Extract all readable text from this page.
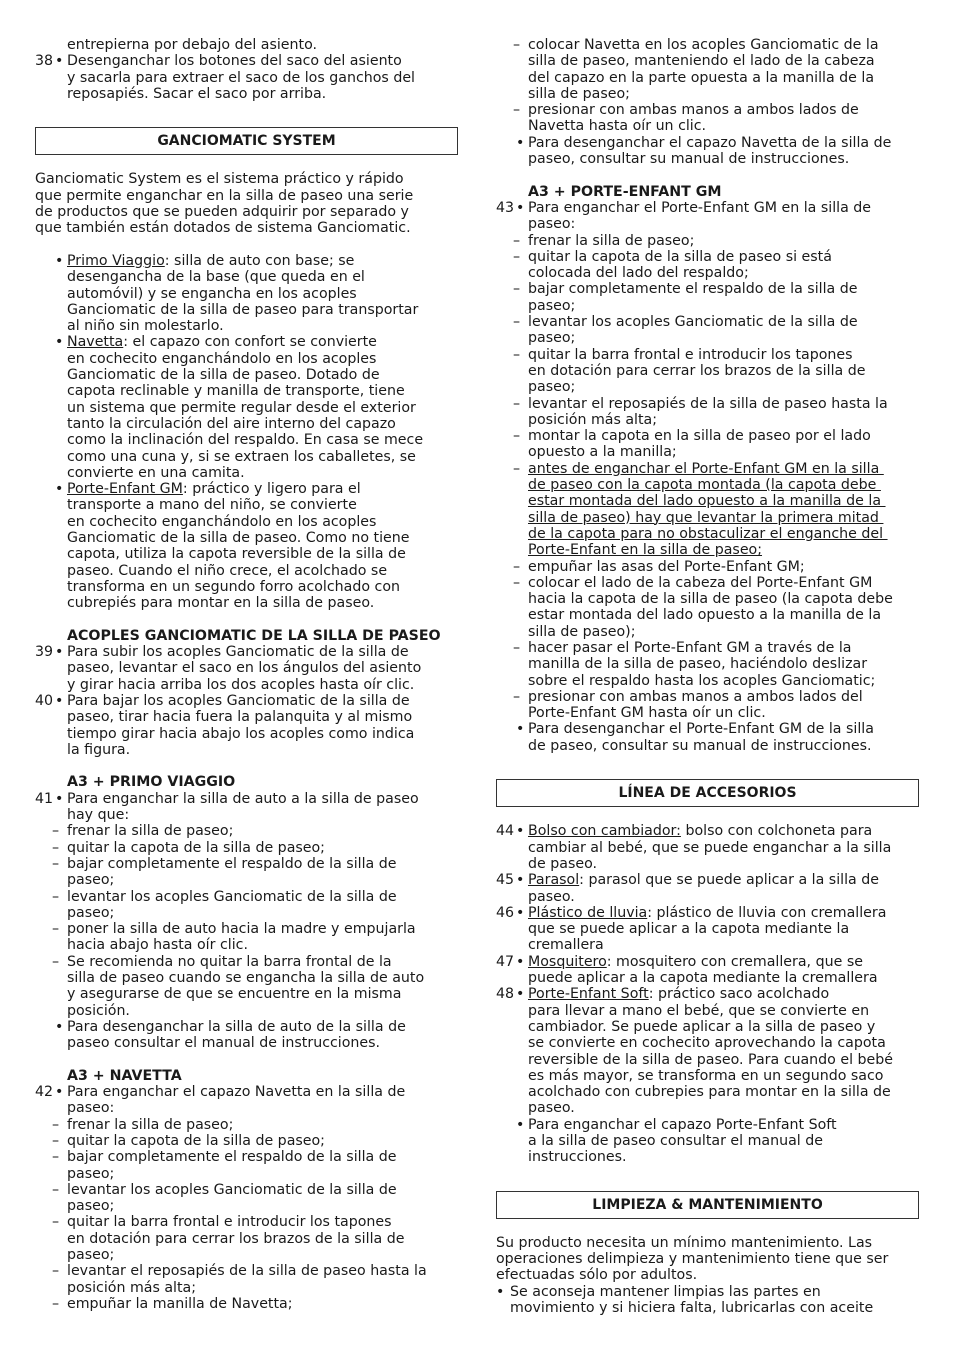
entrepierna por debajo del asiento.
38 • Desenganchar los botones del saco del asiento
y sacarla para extraer el saco de los ganchos del
reposapiés. Sacar el saco por arriba.
GANCIOMATIC SYSTEM
Ganciomatic System es el sistema práctico y rápido
que permite enganchar en la silla de paseo una serie
de productos que se pueden adquirir por separado y
que también están dotados de sistema Ganciomatic.
• Primo Viaggio: silla de auto con base; se
desengancha de la base (que queda en el
automóvil) y se engancha en los acoples
Ganciomatic de la silla de paseo para transportar
al niño sin molestarlo.
• Navetta: el capazo con confort se convierte
en cochecito enganchándolo en los acoples
Ganciomatic de la silla de paseo. Dotado de
capota reclinable y manilla de transporte, tiene
un sistema que permite regular desde el exterior
tanto la circulación del aire interno del capazo
como la inclinación del respaldo. En casa se mece
como una cuna y, si se extraen los caballetes, se
convierte en una camita.
• Porte-Enfant GM: práctico y ligero para el
transporte a mano del niño, se convierte
en cochecito enganchándolo en los acoples
Ganciomatic de la silla de paseo. Como no tiene
capota, utiliza la capota reversible de la silla de
paseo. Cuando el niño crece, el acolchado se
transforma en un segundo forro acolchado con
cubrepiés para montar en la silla de paseo.
ACOPLES GANCIOMATIC DE LA SILLA DE PASEO
39 • Para subir los acoples Ganciomatic de la silla de
paseo, levantar el saco en los ángulos del asiento
y girar hacia arriba los dos acoples hasta oír clic.
40 • Para bajar los acoples Ganciomatic de la silla de
paseo, tirar hacia fuera la palanquita y al mismo
tiempo girar hacia abajo los acoples como indica
la figura.
A3 + PRIMO VIAGGIO
41 • Para enganchar la silla de auto a la silla de paseo
hay que:
– frenar la silla de paseo;
– quitar la capota de la silla de paseo;
– bajar completamente el respaldo de la silla de
paseo;
– levantar los acoples Ganciomatic de la silla de
paseo;
– poner la silla de auto hacia la madre y empujarla
hacia abajo hasta oír clic.
– Se recomienda no quitar la barra frontal de la
silla de paseo cuando se engancha la silla de auto
y asegurarse de que se encuentre en la misma
posición.
• Para desenganchar la silla de auto de la silla de
paseo consultar el manual de instrucciones.
A3 + NAVETTA
42 • Para enganchar el capazo Navetta en la silla de
paseo:
– frenar la silla de paseo;
– quitar la capota de la silla de paseo;
– bajar completamente el respaldo de la silla de
paseo;
– levantar los acoples Ganciomatic de la silla de
paseo;
– quitar la barra frontal e introducir los tapones
en dotación para cerrar los brazos de la silla de
paseo;
– levantar el reposapiés de la silla de paseo hasta la
posición más alta;
– empuñar la manilla de Navetta;
– colocar Navetta en los acoples Ganciomatic de la
silla de paseo, manteniendo el lado de la cabeza
del capazo en la parte opuesta a la manilla de la
silla de paseo;
– presionar con ambas manos a ambos lados de
Navetta hasta oír un clic.
• Para desenganchar el capazo Navetta de la silla de
paseo, consultar su manual de instrucciones.
A3 + PORTE-ENFANT GM
43 • Para enganchar el Porte-Enfant GM en la silla de
paseo:
– frenar la silla de paseo;
– quitar la capota de la silla de paseo si está
colocada del lado del respaldo;
– bajar completamente el respaldo de la silla de
paseo;
– levantar los acoples Ganciomatic de la silla de
paseo;
– quitar la barra frontal e introducir los tapones
en dotación para cerrar los brazos de la silla de
paseo;
– levantar el reposapiés de la silla de paseo hasta la
posición más alta;
– montar la capota en la silla de paseo por el lado
opuesto a la manilla;
– antes de enganchar el Porte-Enfant GM en la silla
de paseo con la capota montada (la capota debe
estar montada del lado opuesto a la manilla de la
silla de paseo) hay que levantar la primera mitad
de la capota para no obstaculizar el enganche del
Porte-Enfant en la silla de paseo;
– empuñar las asas del Porte-Enfant GM;
– colocar el lado de la cabeza del Porte-Enfant GM
hacia la capota de la silla de paseo (la capota debe
estar montada del lado opuesto a la manilla de la
silla de paseo);
– hacer pasar el Porte-Enfant GM a través de la
manilla de la silla de paseo, haciéndolo deslizar
sobre el respaldo hasta los acoples Ganciomatic;
– presionar con ambas manos a ambos lados del
Porte-Enfant GM hasta oír un clic.
• Para desenganchar el Porte-Enfant GM de la silla
de paseo, consultar su manual de instrucciones.
LÍNEA DE ACCESORIOS
44 • Bolso con cambiador: bolso con colchoneta para
cambiar al bebé, que se puede enganchar a la silla
de paseo.
45 • Parasol: parasol que se puede aplicar a la silla de
paseo.
46 • Plástico de lluvia: plástico de lluvia con cremallera
que se puede aplicar a la capota mediante la
cremallera
47 • Mosquitero: mosquitero con cremallera, que se
puede aplicar a la capota mediante la cremallera
48 • Porte-Enfant Soft: práctico saco acolchado
para llevar a mano el bebé, que se convierte en
cambiador. Se puede aplicar a la silla de paseo y
se convierte en cochecito aprovechando la capota
reversible de la silla de paseo. Para cuando el bebé
es más mayor, se transforma en un segundo saco
acolchado con cubrepies para montar en la silla de
paseo.
• Para enganchar el capazo Porte-Enfant Soft
a la silla de paseo consultar el manual de
instrucciones.
LIMPIEZA & MANTENIMIENTO
Su producto necesita un mínimo mantenimiento. Las
operaciones delimpieza y mantenimiento tiene que ser
efectuadas sólo por adultos.
• Se aconseja mantener limpias las partes en
movimiento y si hiciera falta, lubricarlas con aceite
